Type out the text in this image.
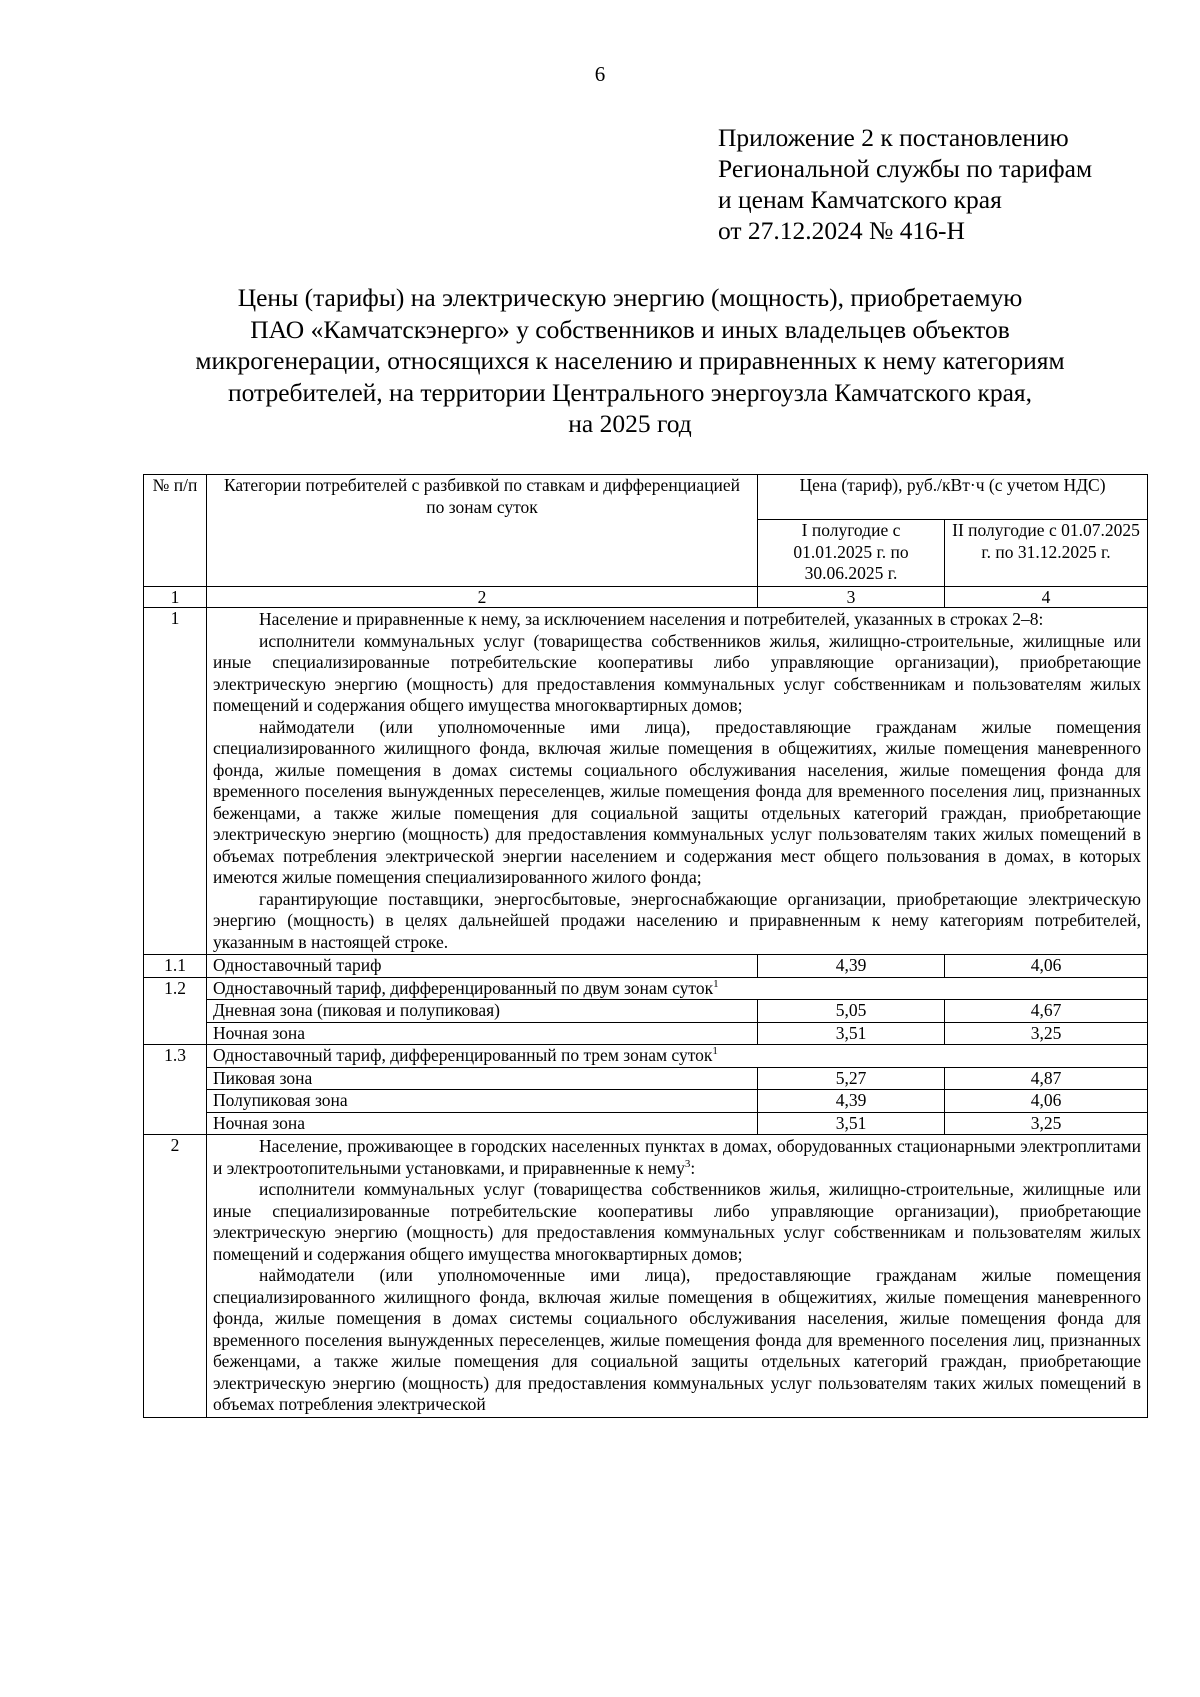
6
Приложение 2 к постановлению
Региональной службы по тарифам
и ценам Камчатского края
от 27.12.2024 № 416-Н
Цены (тарифы) на электрическую энергию (мощность), приобретаемую
ПАО «Камчатскэнерго» у собственников и иных владельцев объектов
микрогенерации, относящихся к населению и приравненных к нему категориям
потребителей, на территории Центрального энергоузла Камчатского края,
на 2025 год
№ п/п	Категории потребителей с разбивкой по ставкам и дифференциацией по зонам суток	Цена (тариф), руб./кВт·ч (с учетом НДС)	
		I полугодие с 01.01.2025 г. по 30.06.2025 г.	II полугодие с 01.07.2025 г. по 31.12.2025 г.
1	2	3	4
1	Население и приравненные к нему, за исключением населения и потребителей, указанных в строках 2–8:
исполнители коммунальных услуг (товарищества собственников жилья, жилищно-строительные, жилищные или иные специализированные потребительские кооперативы либо управляющие организации), приобретающие электрическую энергию (мощность) для предоставления коммунальных услуг собственникам и пользователям жилых помещений и содержания общего имущества многоквартирных домов;
наймодатели (или уполномоченные ими лица), предоставляющие гражданам жилые помещения специализированного жилищного фонда, включая жилые помещения в общежитиях, жилые помещения маневренного фонда, жилые помещения в домах системы социального обслуживания населения, жилые помещения фонда для временного поселения вынужденных переселенцев, жилые помещения фонда для временного поселения лиц, признанных беженцами, а также жилые помещения для социальной защиты отдельных категорий граждан, приобретающие электрическую энергию (мощность) для предоставления коммунальных услуг пользователям таких жилых помещений в объемах потребления электрической энергии населением и содержания мест общего пользования в домах, в которых имеются жилые помещения специализированного жилого фонда;
гарантирующие поставщики, энергосбытовые, энергоснабжающие организации, приобретающие электрическую энергию (мощность) в целях дальнейшей продажи населению и приравненным к нему категориям потребителей, указанным в настоящей строке.		

1.1	Одноставочный тариф	4,39	4,06
1.2	Одноставочный тариф, дифференцированный по двум зонам суток$^1$
	Дневная зона (пиковая и полупиковая)	5,05	4,67
	Ночная зона	3,51	3,25
1.3	Одноставочный тариф, дифференцированный по трем зонам суток$^1$
	Пиковая зона	5,27	4,87
	Полупиковая зона	4,39	4,06
	Ночная зона	3,51	3,25
2	Население, проживающее в городских населенных пунктах в домах, оборудованных стационарными электроплитами и электроотопительными установками, и приравненные к нему$^3$:
исполнители коммунальных услуг (товарищества собственников жилья, жилищно-строительные, жилищные или иные специализированные потребительские кооперативы либо управляющие организации), приобретающие электрическую энергию (мощность) для предоставления коммунальных услуг собственникам и пользователям жилых помещений и содержания общего имущества многоквартирных домов;
наймодатели (или уполномоченные ими лица), предоставляющие гражданам жилые помещения специализированного жилищного фонда, включая жилые помещения в общежитиях, жилые помещения маневренного фонда, жилые помещения в домах системы социального обслуживания населения, жилые помещения фонда для временного поселения вынужденных переселенцев, жилые помещения фонда для временного поселения лиц, признанных беженцами, а также жилые помещения для социальной защиты отдельных категорий граждан, приобретающие электрическую энергию (мощность) для предоставления коммунальных услуг пользователям таких жилых помещений в объемах потребления электрической		
